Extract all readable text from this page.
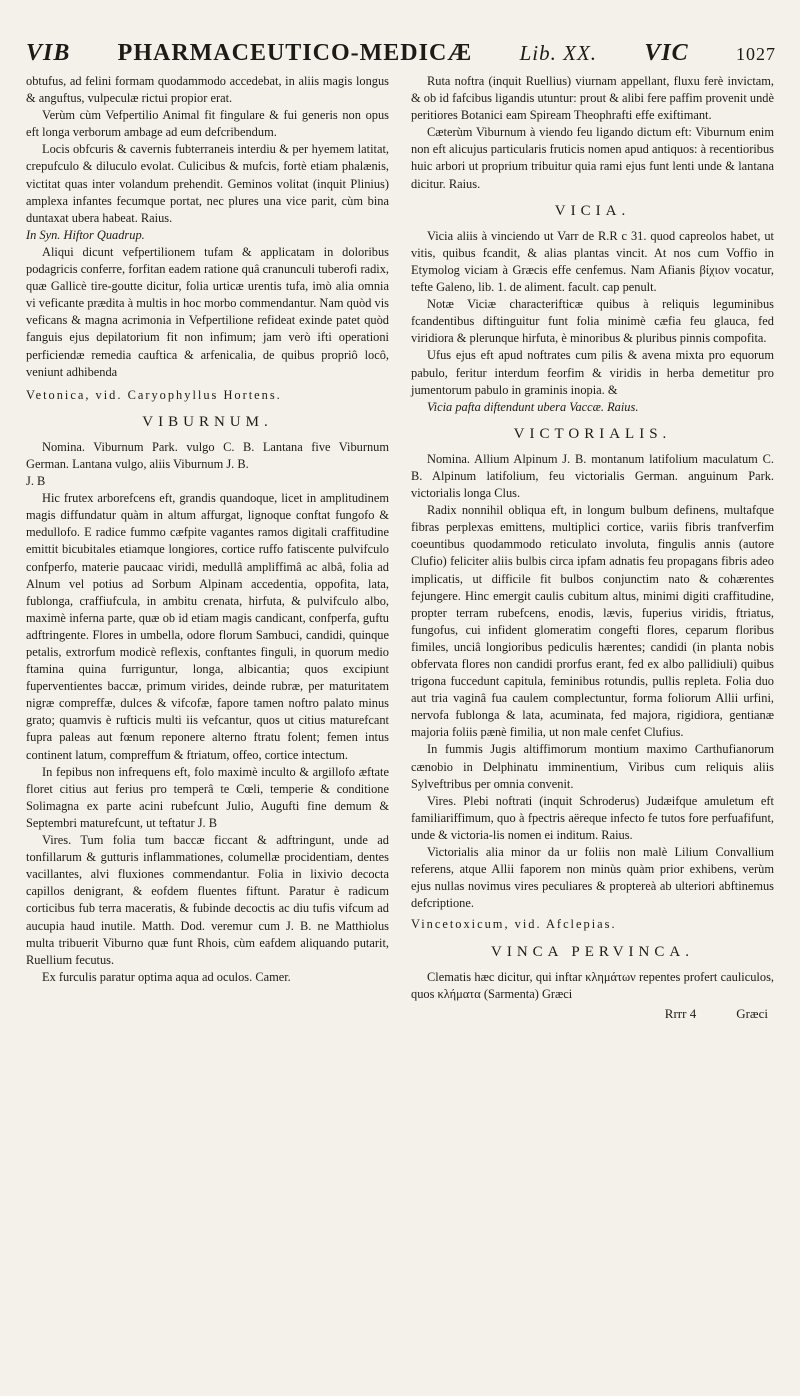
VIB PHARMACEUTICO-MEDICÆ Lib. XX. VIC	1027

obtufus, ad felini formam quodammodo accedebat, in aliis magis longus & anguftus, vulpeculæ rictui propior erat.

Verùm cùm Vefpertilio Animal fit fingulare & fui generis non opus eft longa verborum ambage ad eum defcribendum.

Locis obfcuris & cavernis fubterraneis interdiu & per hyemem latitat, crepufculo & diluculo evolat. Culicibus & mufcis, fortè etiam phalænis, victitat quas inter volandum prehendit. Geminos volitat (inquit Plinius) amplexa infantes fecumque portat, nec plures una vice parit, cùm bina duntaxat ubera habeat. Raius.

In Syn. Hiftor Quadrup.

Aliqui dicunt vefpertilionem tufam & applicatam in doloribus podagricis conferre, forfitan eadem ratione quâ cranunculi tuberofi radix, quæ Gallicè tire-goutte dicitur, folia urticæ urentis tufa, imò alia omnia vi veficante prædita à multis in hoc morbo commendantur. Nam quòd vis veficans & magna acrimonia in Vefpertilione refideat exinde patet quòd fanguis ejus depilatorium fit non infimum; jam verò ifti operationi perficiendæ remedia cauftica & arfenicalia, de quibus propriô locô, veniunt adhibenda

Vetonica, vid. Caryophyllus Hortens.

VIBURNUM.

Nomina. Viburnum Park. vulgo C. B. Lantana five Viburnum German. Lantana vulgo, aliis Viburnum J. B.

J. B

Hic frutex arborefcens eft, grandis quandoque, licet in amplitudinem magis diffundatur quàm in altum affurgat, lignoque conftat fungofo & medullofo. E radice fummo cæfpite vagantes ramos digitali craffitudine emittit bicubitales etiamque longiores, cortice ruffo fatiscente pulvifculo confperfo, materie paucaac viridi, medullâ ampliffimâ ac albâ, folia ad Alnum vel potius ad Sorbum Alpinam accedentia, oppofita, lata, fublonga, craffiufcula, in ambitu crenata, hirfuta, & pulvifculo albo, maximè inferna parte, quæ ob id etiam magis candicant, confperfa, guftu adftringente. Flores in umbella, odore florum Sambuci, candidi, quinque petalis, extrorfum modicè reflexis, conftantes finguli, in quorum medio ftamina quina furriguntur, longa, albicantia; quos excipiunt fuperventientes baccæ, primum virides, deinde rubræ, per maturitatem nigræ compreffæ, dulces & vifcofæ, fapore tamen noftro palato minus grato; quamvis è rufticis multi iis vefcantur, quos ut citius maturefcant fupra paleas aut fœnum reponere alterno ftratu folent; femen intus continent latum, compreffum & ftriatum, offeo, cortice intectum.

In fepibus non infrequens eft, folo maximè inculto & argillofo æftate floret citius aut ferius pro temperâ te Cœli, temperie & conditione Solimagna ex parte acini rubefcunt Julio, Augufti fine demum & Septembri maturefcunt, ut teftatur J. B

Vires. Tum folia tum baccæ ficcant & adftringunt, unde ad tonfillarum & gutturis inflammationes, columellæ procidentiam, dentes vacillantes, alvi fluxiones commendantur. Folia in lixivio decocta capillos denigrant, & eofdem fluentes fiftunt. Paratur è radicum corticibus fub terra maceratis, & fubinde decoctis ac diu tufis vifcum ad aucupia haud inutile. Matth. Dod. veremur cum J. B. ne Matthiolus multa tribuerit Viburno quæ funt Rhois, cùm eafdem aliquando putarit, Ruellium fecutus.

Ex furculis paratur optima aqua ad oculos. Camer.

Ruta noftra (inquit Ruellius) viurnam appellant, fluxu ferè invictam, & ob id fafcibus ligandis utuntur: prout & alibi fere paffim provenit undè peritiores Botanici eam Spiream Theophrafti effe exiftimant.

Cæterùm Viburnum à viendo feu ligando dictum eft: Viburnum enim non eft alicujus particularis fruticis nomen apud antiquos: à recentioribus huic arbori ut proprium tribuitur quia rami ejus funt lenti unde & lantana dicitur. Raius.

VICIA.

Vicia aliis à vinciendo ut Varr de R.R c 31. quod capreolos habet, ut vitis, quibus fcandit, & alias plantas vincit. At nos cum Voffio in Etymolog viciam à Græcis effe cenfemus. Nam Afianis βίχιον vocatur, tefte Galeno, lib. 1. de aliment. facult. cap penult.

Notæ Viciæ characterifticæ quibus à reliquis leguminibus fcandentibus diftinguitur funt folia minimè cæfia feu glauca, fed viridiora & plerunque hirfuta, è minoribus & pluribus pinnis compofita.

Ufus ejus eft apud noftrates cum pilis & avena mixta pro equorum pabulo, feritur interdum feorfim & viridis in herba demetitur pro jumentorum pabulo in graminis inopia. &

Vicia pafta diftendunt ubera Vaccæ. Raius.

VICTORIALIS.

Nomina. Allium Alpinum J. B. montanum latifolium maculatum C. B. Alpinum latifolium, feu victorialis German. anguinum Park. victorialis longa Clus.

Radix nonnihil obliqua eft, in longum bulbum definens, multafque fibras perplexas emittens, multiplici cortice, variis fibris tranfverfim coeuntibus quodammodo reticulato involuta, fingulis annis (autore Clufio) feliciter aliis bulbis circa ipfam adnatis feu propagans fibris adeo implicatis, ut difficile fit bulbos conjunctim nato & cohærentes fejungere. Hinc emergit caulis cubitum altus, minimi digiti craffitudine, propter terram rubefcens, enodis, lævis, fuperius viridis, ftriatus, fungofus, cui infident glomeratim congefti flores, ceparum floribus fimiles, unciâ longioribus pediculis hærentes; candidi (in planta nobis obfervata flores non candidi prorfus erant, fed ex albo pallidiuli) quibus trigona fuccedunt capitula, feminibus rotundis, pullis repleta. Folia duo aut tria vaginâ fua caulem complectuntur, forma foliorum Allii urfini, nervofa fublonga & lata, acuminata, fed majora, rigidiora, gentianæ majoria foliis pænè fimilia, ut non male cenfet Clufius.

In fummis Jugis altiffimorum montium maximo Carthufianorum cænobio in Delphinatu imminentium, Viribus cum reliquis aliis Sylveftribus per omnia convenit.

Vires. Plebi noftrati (inquit Schroderus) Judæifque amuletum eft familiariffimum, quo à fpectris aëreque infecto fe tutos fore perfuafifunt, unde & victoria-lis nomen ei inditum. Raius.

Victorialis alia minor da ur foliis non malè Lilium Convallium referens, atque Allii faporem non minùs quàm prior exhibens, verùm ejus nullas novimus vires peculiares & proptereà ab ulteriori abftinemus defcriptione.

Vincetoxicum, vid. Afclepias.

VINCA PERVINCA.

Clematis hæc dicitur, qui inftar κλημάτων repentes profert cauliculos, quos κλήματα (Sarmenta) Græci

Rrrr 4	Græci
